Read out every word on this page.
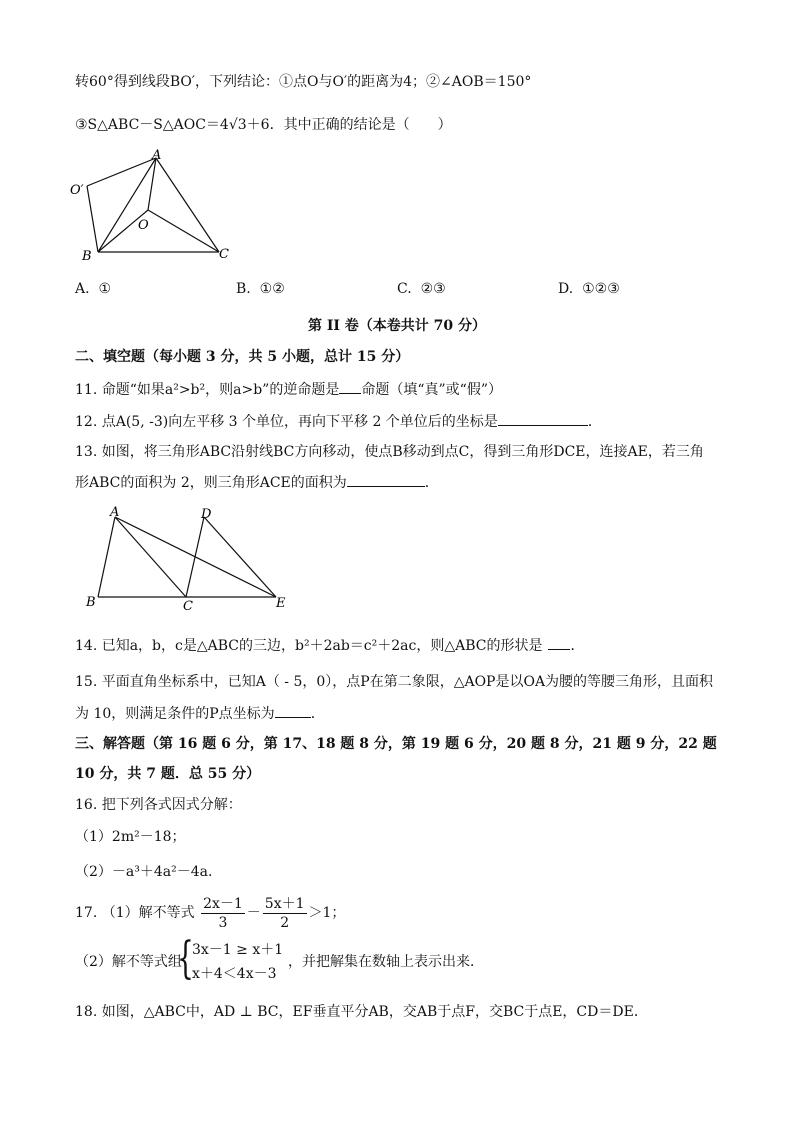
转60°得到线段BO′，下列结论：①点O与O′的距离为4；②∠AOB＝150°
③S△ABC－S△AOC＝4√3＋6．其中正确的结论是（　　）
A
O′
O
B	C
A. ①	B. ①②	C. ②③	D. ①②③
第 II 卷（本卷共计 70 分）
二、填空题（每小题 3 分，共 5 小题，总计 15 分）
11. 命题“如果a²>b²，则a>b”的逆命题是 命题（填“真”或“假”）
12. 点A(5, -3)向左平移 3 个单位，再向下平移 2 个单位后的坐标是	．
13. 如图，将三角形ABC沿射线BC方向移动，使点B移动到点C，得到三角形DCE，连接AE，若三角
形ABC的面积为 2，则三角形ACE的面积为	．
A	D
B	C	E
14. 已知a，b，c是△ABC的三边，b²＋2ab＝c²＋2ac，则△ABC的形状是 ．
15. 平面直角坐标系中，已知A（ - 5，0），点P在第二象限，△AOP是以OA为腰的等腰三角形，且面积
为 10，则满足条件的P点坐标为	．
三、解答题（第 16 题 6 分，第 17、18 题 8 分，第 19 题 6 分，20 题 8 分，21 题 9 分，22 题
10 分，共 7 题．总 55 分）
16. 把下列各式因式分解：
（1）2m²－18；
（2）－a³＋4a²－4a．
17. （1）解不等式 $\frac{2x-1}{3} - \frac{5x+1}{2} >1$；
（2）解不等式组
{
3x－1 ≥ x＋1
x＋4＜4x－3
，并把解集在数轴上表示出来．
18. 如图，△ABC中，AD ⊥ BC，EF垂直平分AB，交AB于点F，交BC于点E，CD＝DE．
